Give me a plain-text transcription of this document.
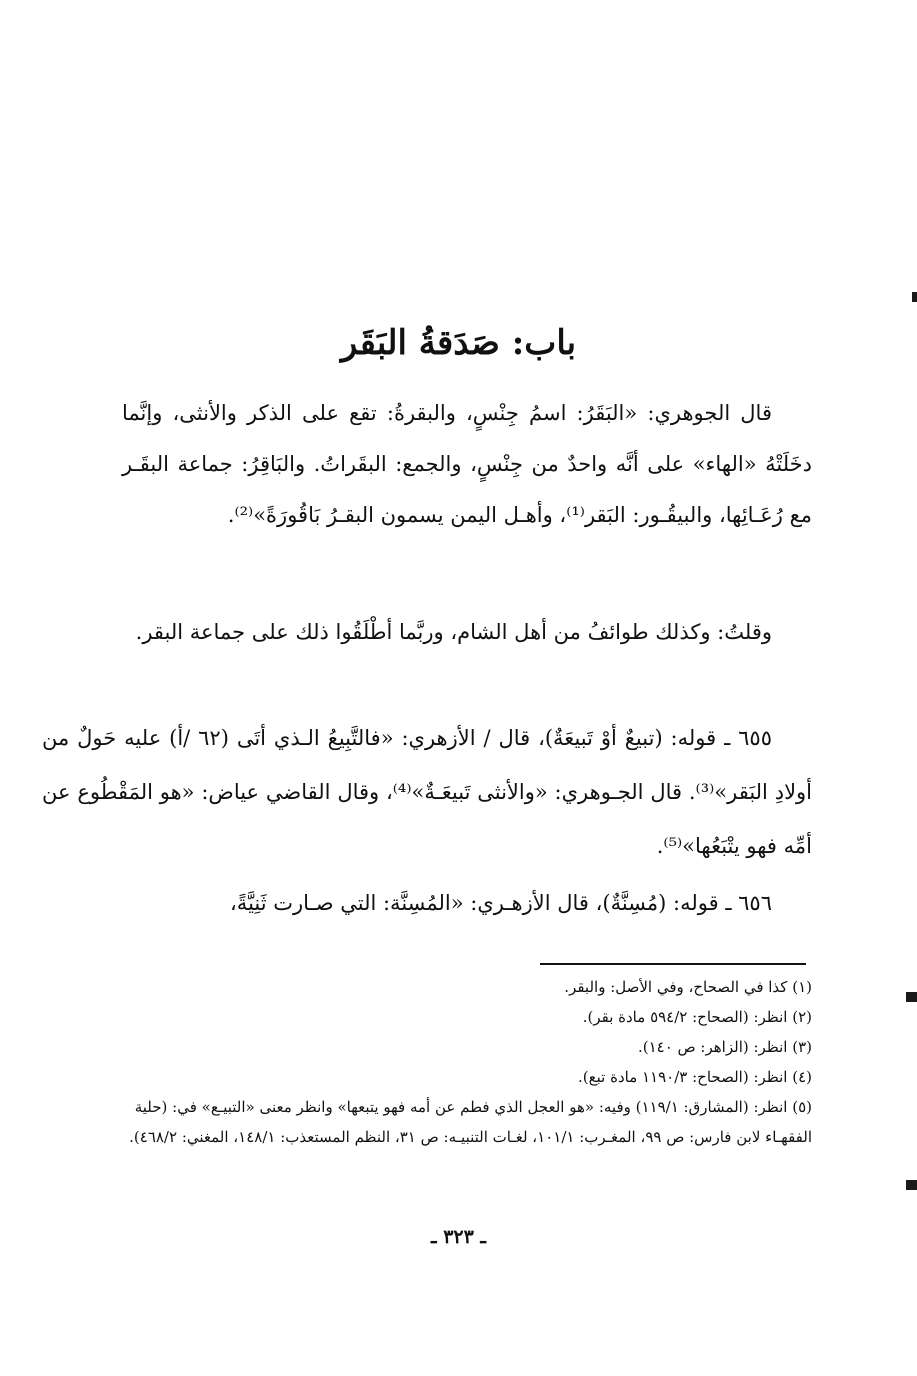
باب: صَدَقةُ البَقَر
قال الجوهري: «البَقَرُ: اسمُ جِنْسٍ، والبقرةُ: تقع على الذكر والأنثى، وإنَّما دخَلَتْهُ «الهاء» على أنَّه واحدٌ من جِنْسٍ، والجمع: البقَراتُ. والبَاقِرُ: جماعة البقَـر مع رُعَـائِها، والبيقُـور: البَقر⁽¹⁾، وأهـل اليمن يسمون البقـرُ بَاقُورَةً»⁽²⁾.
وقلتُ: وكذلك طوائفُ من أهل الشام، وربَّما أطْلَقُوا ذلك على جماعة البقر.
٦٥٥ ـ قوله: (تبيعٌ أوْ تَبيعَةٌ)، قال / الأزهري: «فالتَّبِيعُ الـذي أتَى (٦٢ /أ) عليه حَولٌ من أولادِ البَقر»⁽³⁾. قال الجـوهري: «والأنثى تَبيعَـةٌ»⁽⁴⁾، وقال القاضي عياض: «هو المَقْطُوع عن أمِّه فهو يتْبَعُها»⁽⁵⁾.
٦٥٦ ـ قوله: (مُسِنَّةٌ)، قال الأزهـري: «المُسِنَّة: التي صـارت ثَنِيَّةً،
(١) كذا في الصحاح، وفي الأصل: والبقر.
(٢) انظر: (الصحاح: ٥٩٤/٢ مادة بقر).
(٣) انظر: (الزاهر: ص ١٤٠).
(٤) انظر: (الصحاح: ١١٩٠/٣ مادة تبع).
(٥) انظر: (المشارق: ١١٩/١) وفيه: «هو العجل الذي فطم عن أمه فهو يتبعها» وانظر معنى «التبيـع» في: (حلية الفقهـاء لابن فارس: ص ٩٩، المغـرب: ١٠١/١، لغـات التنبيـه: ص ٣١، النظم المستعذب: ١٤٨/١، المغني: ٤٦٨/٢).
ـ ٣٢٣ ـ
